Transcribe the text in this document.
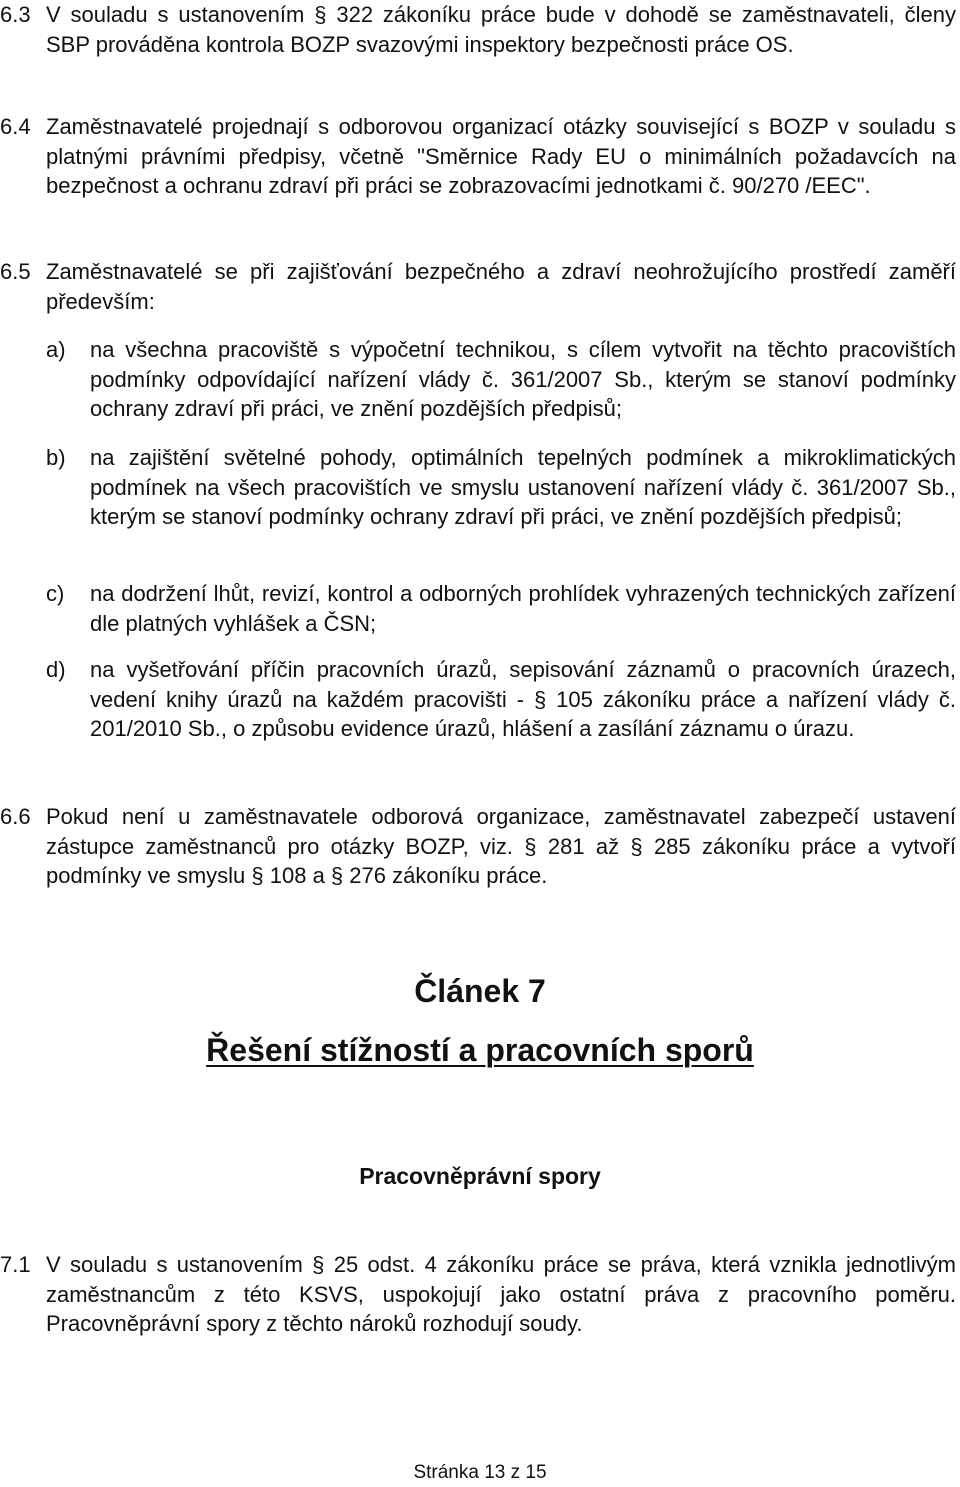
6.3 V souladu s ustanovením § 322 zákoníku práce bude v dohodě se zaměstnavateli, členy SBP prováděna kontrola BOZP svazovými inspektory bezpečnosti práce OS.
6.4 Zaměstnavatelé projednají s odborovou organizací otázky související s BOZP v souladu s platnými právními předpisy, včetně "Směrnice Rady EU o minimálních požadavcích na bezpečnost a ochranu zdraví při práci se zobrazovacími jednotkami č. 90/270 /EEC".
6.5 Zaměstnavatelé se při zajišťování bezpečného a zdraví neohrožujícího prostředí zaměří především:
a) na všechna pracoviště s výpočetní technikou, s cílem vytvořit na těchto pracovištích podmínky odpovídající nařízení vlády č. 361/2007 Sb., kterým se stanoví podmínky ochrany zdraví při práci, ve znění pozdějších předpisů;
b) na zajištění světelné pohody, optimálních tepelných podmínek a mikroklimatických podmínek na všech pracovištích ve smyslu ustanovení nařízení vlády č. 361/2007 Sb., kterým se stanoví podmínky ochrany zdraví při práci, ve znění pozdějších předpisů;
c) na dodržení lhůt, revizí, kontrol a odborných prohlídek vyhrazených technických zařízení dle platných vyhlášek a ČSN;
d) na vyšetřování příčin pracovních úrazů, sepisování záznamů o pracovních úrazech, vedení knihy úrazů na každém pracovišti - § 105 zákoníku práce a nařízení vlády č. 201/2010 Sb., o způsobu evidence úrazů, hlášení a zasílání záznamu o úrazu.
6.6 Pokud není u zaměstnavatele odborová organizace, zaměstnavatel zabezpečí ustavení zástupce zaměstnanců pro otázky BOZP, viz. § 281 až § 285 zákoníku práce a vytvoří podmínky ve smyslu § 108 a § 276 zákoníku práce.
Článek 7
Řešení stížností a pracovních sporů
Pracovněprávní spory
7.1 V souladu s ustanovením § 25 odst. 4 zákoníku práce se práva, která vznikla jednotlivým zaměstnancům z této KSVS, uspokojují jako ostatní práva z pracovního poměru. Pracovněprávní spory z těchto nároků rozhodují soudy.
Stránka 13 z 15
